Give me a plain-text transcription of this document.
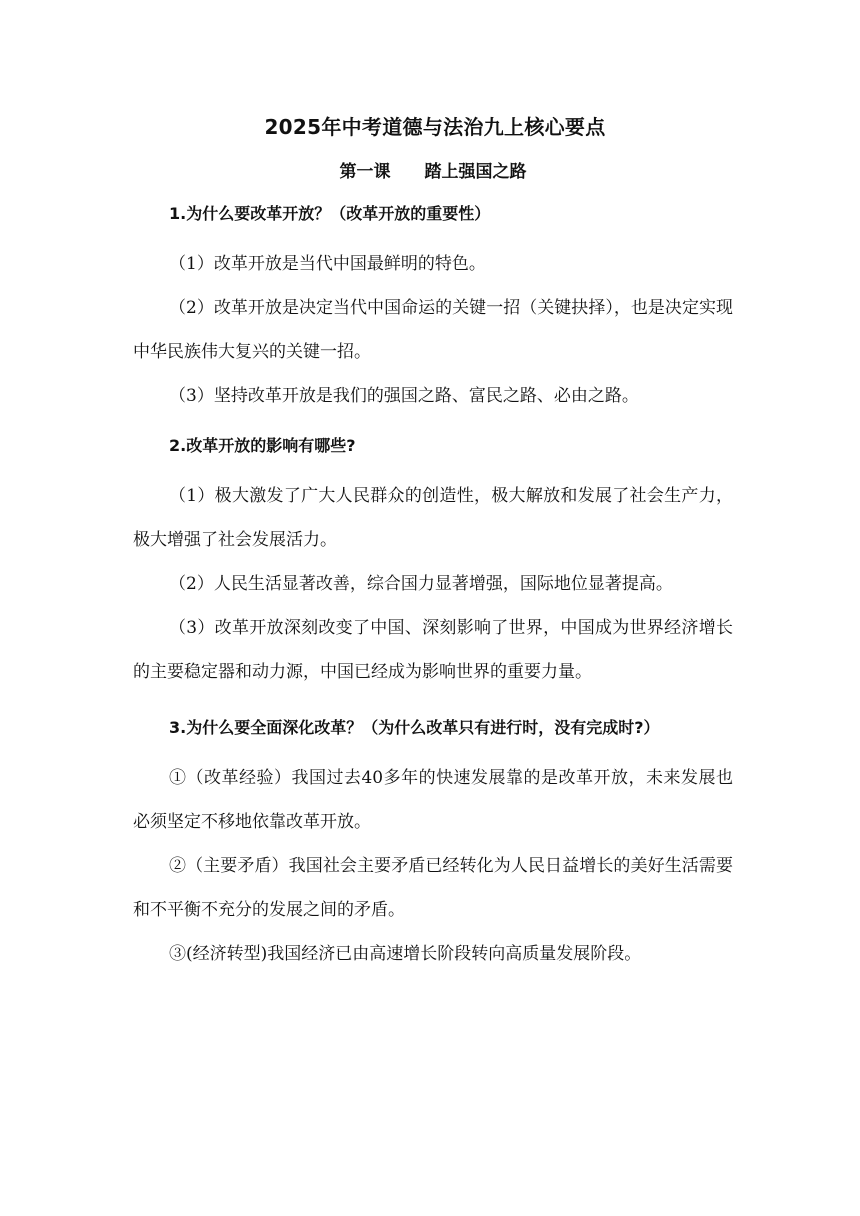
2025年中考道德与法治九上核心要点
第一课　　踏上强国之路
1.为什么要改革开放？（改革开放的重要性）

（1）改革开放是当代中国最鲜明的特色。

（2）改革开放是决定当代中国命运的关键一招（关键抉择），也是决定实现中华民族伟大复兴的关键一招。

（3）坚持改革开放是我们的强国之路、富民之路、必由之路。

2.改革开放的影响有哪些?

（1）极大激发了广大人民群众的创造性，极大解放和发展了社会生产力，极大增强了社会发展活力。

（2）人民生活显著改善，综合国力显著增强，国际地位显著提高。

（3）改革开放深刻改变了中国、深刻影响了世界，中国成为世界经济增长的主要稳定器和动力源，中国已经成为影响世界的重要力量。

3.为什么要全面深化改革？（为什么改革只有进行时，没有完成时?）

①（改革经验）我国过去40多年的快速发展靠的是改革开放，未来发展也必须坚定不移地依靠改革开放。

②（主要矛盾）我国社会主要矛盾已经转化为人民日益增长的美好生活需要和不平衡不充分的发展之间的矛盾。

③(经济转型)我国经济已由高速增长阶段转向高质量发展阶段。
